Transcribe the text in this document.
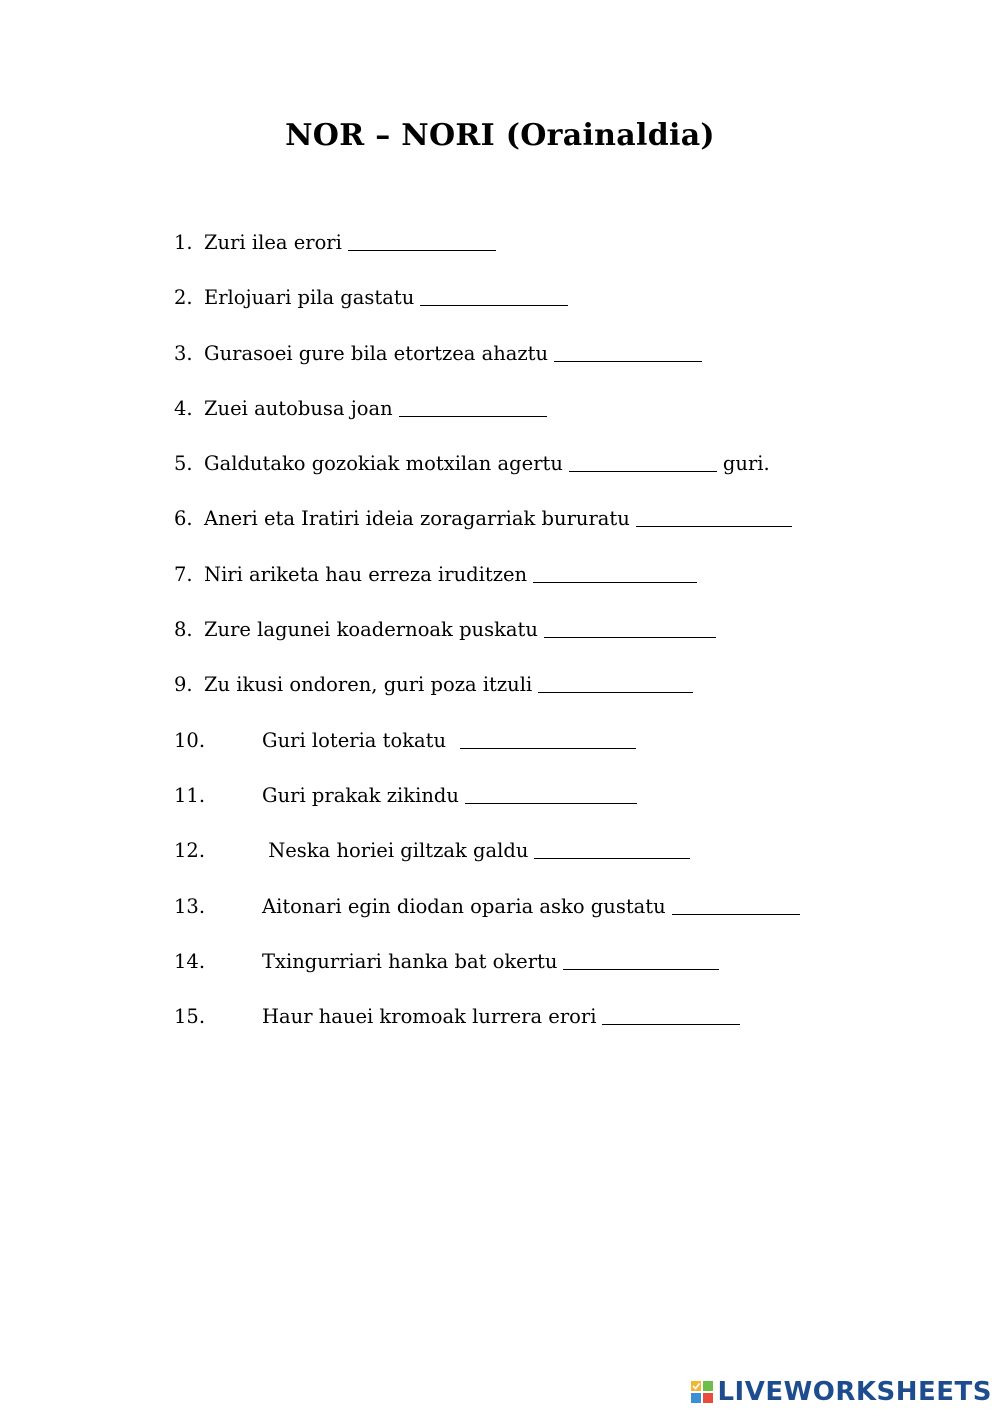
NOR – NORI (Orainaldia)
1. Zuri ilea erori
2. Erlojuari pila gastatu
3. Gurasoei gure bila etortzea ahaztu
4. Zuei autobusa joan
5. Galdutako gozokiak motxilan agertu	guri.
6. Aneri eta Iratiri ideia zoragarriak bururatu
7. Niri ariketa hau erreza iruditzen
8. Zure lagunei koadernoak puskatu
9. Zu ikusi ondoren, guri poza itzuli
10.	Guri loteria tokatu
11.	Guri prakak zikindu
12.	Neska horiei giltzak galdu
13.	Aitonari egin diodan oparia asko gustatu
14.	Txingurriari hanka bat okertu
15.	Haur hauei kromoak lurrera erori
LIVEWORKSHEETS
